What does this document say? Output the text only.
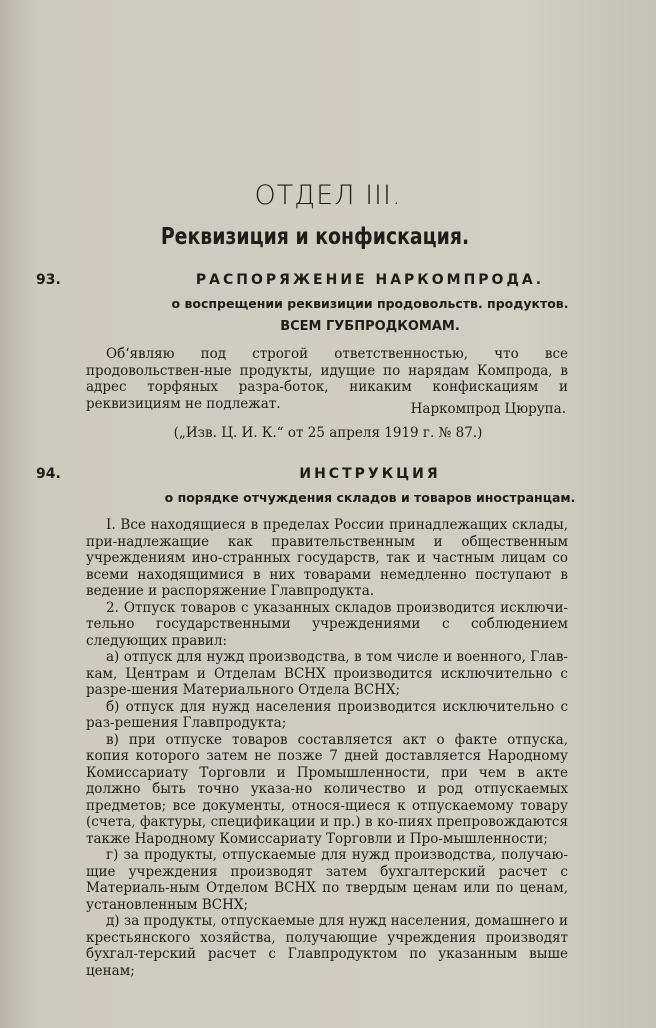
ОТДЕЛ III.
Реквизиция и конфискация.
93.	РАСПОРЯЖЕНИЕ НАРКОМПРОДА.
о воспрещении реквизиции продовольств. продуктов.
ВСЕМ ГУБПРОДКОМАМ.

Об‘являю под строгой ответственностью, что все продовольствен-ные продукты, идущие по нарядам Компрода, в адрес торфяных разра-боток, никаким конфискациям и реквизициям не подлежат.	Наркомпрод Цюрупа.
(„Изв. Ц. И. К.“ от 25 апреля 1919 г. № 87.)
94.	ИНСТРУКЦИЯ
о порядке отчуждения складов и товаров иностранцам.

I. Все находящиеся в пределах России принадлежащих склады, при-надлежащие как правительственным и общественным учреждениям ино-странных государств, так и частным лицам со всеми находящимися в них товарами немедленно поступают в ведение и распоряжение Главпродукта.

2. Отпуск товаров с указанных складов производится исключи-тельно государственными учреждениями с соблюдением следующих правил:

а) отпуск для нужд производства, в том числе и военного, Глав-кам, Центрам и Отделам ВСНХ производится исключительно с разре-шения Материального Отдела ВСНХ;

б) отпуск для нужд населения производится исключительно с раз-решения Главпродукта;

в) при отпуске товаров составляется акт о факте отпуска, копия которого затем не позже 7 дней доставляется Народному Комиссариату Торговли и Промышленности, при чем в акте должно быть точно указа-но количество и род отпускаемых предметов; все документы, относя-щиеся к отпускаемому товару (счета, фактуры, спецификации и пр.) в ко-пиях препровождаются также Народному Комиссариату Торговли и Про-мышленности;

г) за продукты, отпускаемые для нужд производства, получаю-щие учреждения производят затем бухгалтерский расчет с Материаль-ным Отделом ВСНХ по твердым ценам или по ценам, установленным ВСНХ;

д) за продукты, отпускаемые для нужд населения, домашнего и крестьянского хозяйства, получающие учреждения производят бухгал-терский расчет с Главпродуктом по указанным выше ценам;
